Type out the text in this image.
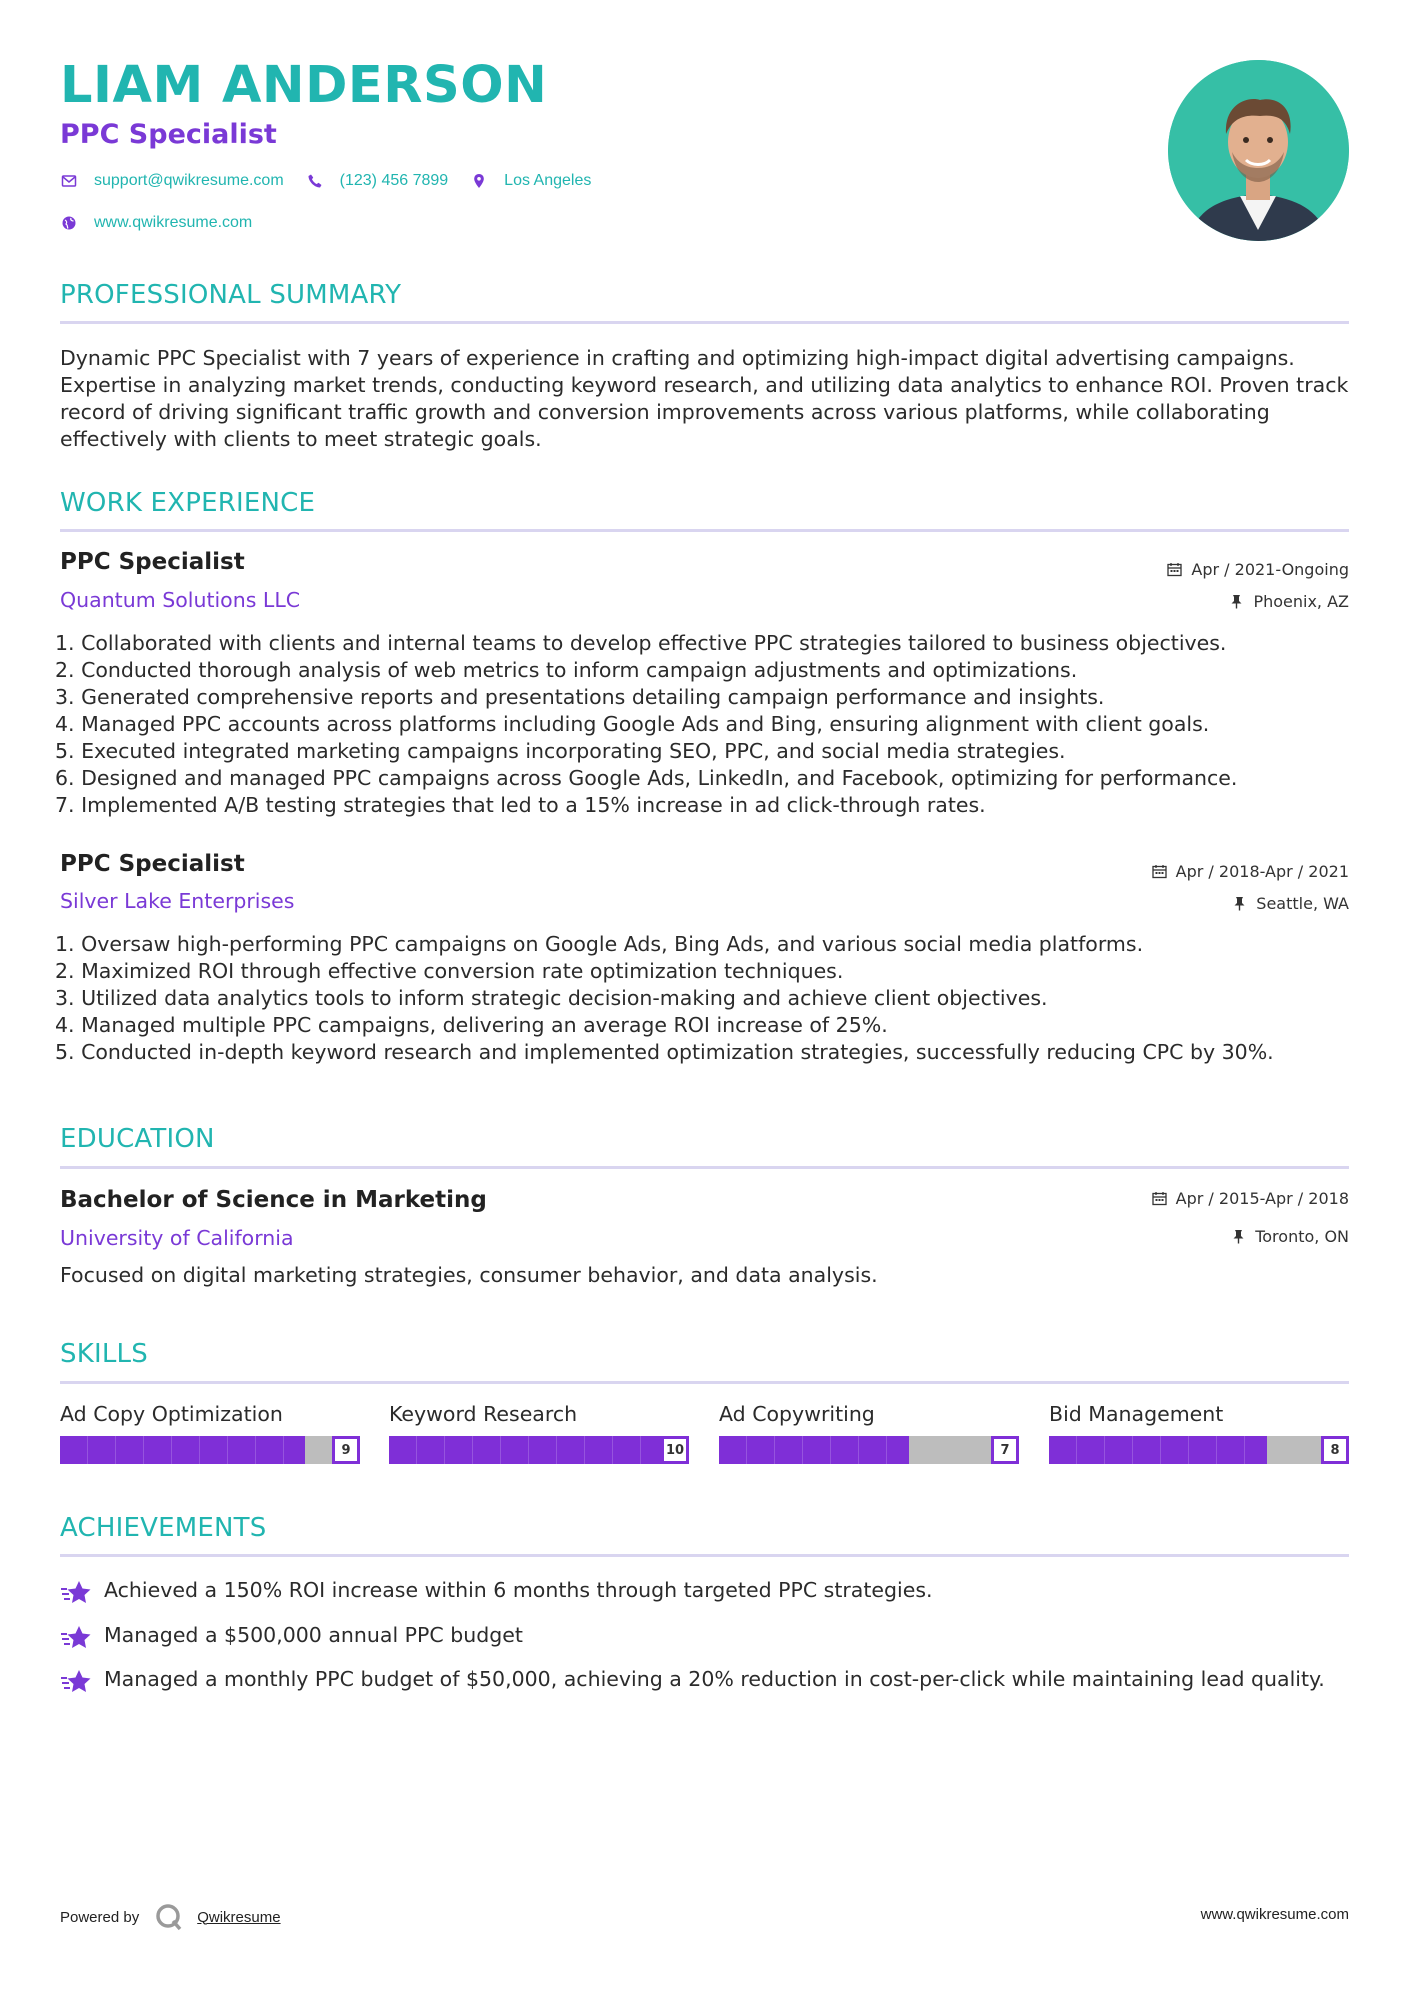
LIAM ANDERSON
PPC Specialist
support@qwikresume.com	(123) 456 7899	Los Angeles
www.qwikresume.com
PROFESSIONAL SUMMARY

Dynamic PPC Specialist with 7 years of experience in crafting and optimizing high-impact digital advertising campaigns. Expertise in analyzing market trends, conducting keyword research, and utilizing data analytics to enhance ROI. Proven track record of driving significant traffic growth and conversion improvements across various platforms, while collaborating effectively with clients to meet strategic goals.

WORK EXPERIENCE
PPC Specialist
Quantum Solutions LLC
Apr / 2021-Ongoing
Phoenix, AZ
1. Collaborated with clients and internal teams to develop effective PPC strategies tailored to business objectives.
2. Conducted thorough analysis of web metrics to inform campaign adjustments and optimizations.
3. Generated comprehensive reports and presentations detailing campaign performance and insights.
4. Managed PPC accounts across platforms including Google Ads and Bing, ensuring alignment with client goals.
5. Executed integrated marketing campaigns incorporating SEO, PPC, and social media strategies.
6. Designed and managed PPC campaigns across Google Ads, LinkedIn, and Facebook, optimizing for performance.
7. Implemented A/B testing strategies that led to a 15% increase in ad click-through rates.
PPC Specialist
Silver Lake Enterprises
Apr / 2018-Apr / 2021
Seattle, WA
1. Oversaw high-performing PPC campaigns on Google Ads, Bing Ads, and various social media platforms.
2. Maximized ROI through effective conversion rate optimization techniques.
3. Utilized data analytics tools to inform strategic decision-making and achieve client objectives.
4. Managed multiple PPC campaigns, delivering an average ROI increase of 25%.
5. Conducted in-depth keyword research and implemented optimization strategies, successfully reducing CPC by 30%.
EDUCATION
Bachelor of Science in Marketing
University of California
Apr / 2015-Apr / 2018
Toronto, ON

Focused on digital marketing strategies, consumer behavior, and data analysis.

SKILLS
Ad Copy Optimization
9
Keyword Research
10
Ad Copywriting
7
Bid Management
8
ACHIEVEMENTS
Achieved a 150% ROI increase within 6 months through targeted PPC strategies.
Managed a $500,000 annual PPC budget
Managed a monthly PPC budget of $50,000, achieving a 20% reduction in cost-per-click while maintaining lead quality.
Powered by	Qwikresume	www.qwikresume.com
